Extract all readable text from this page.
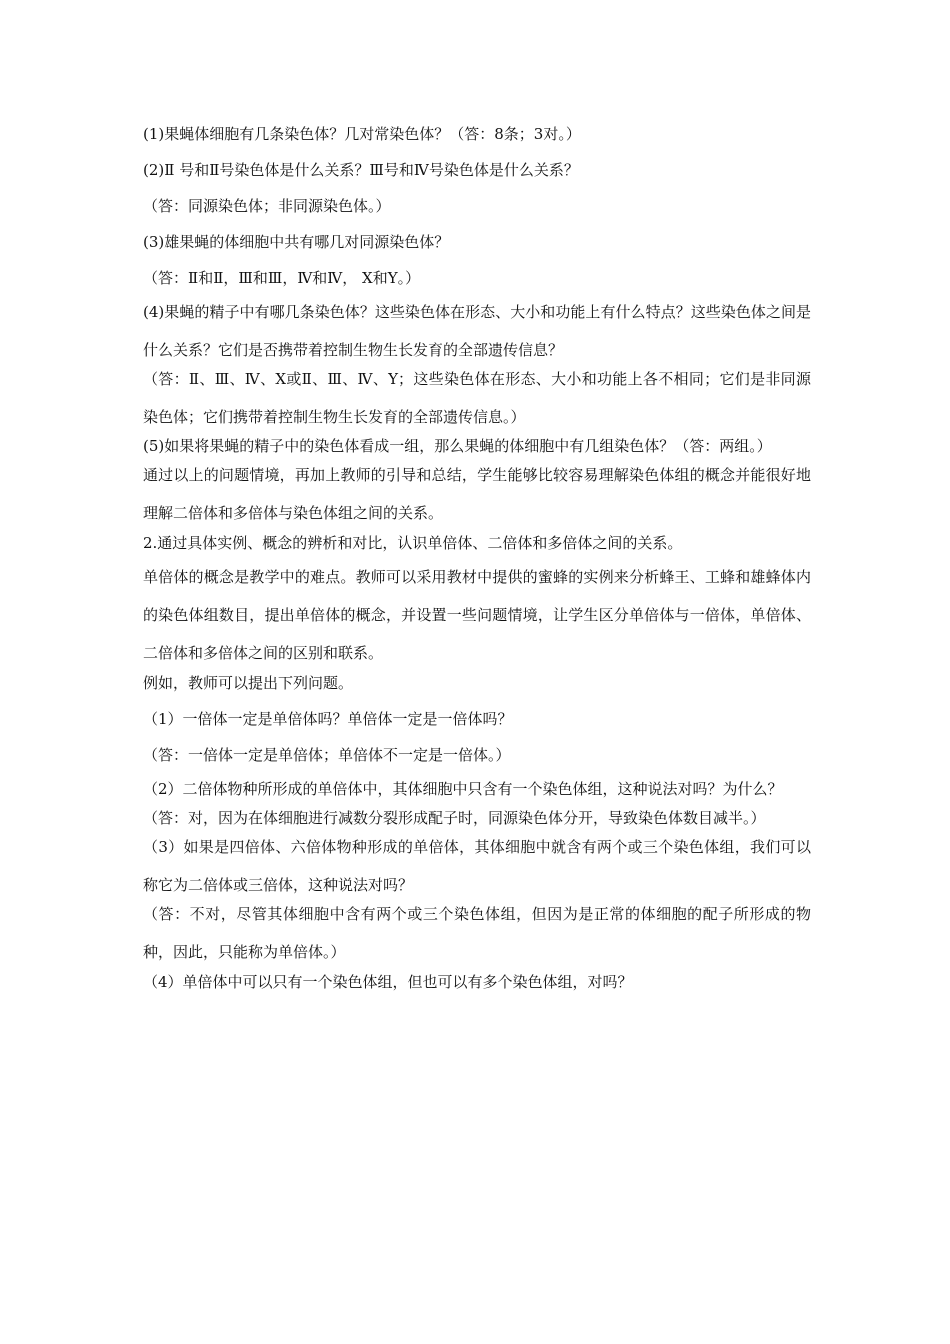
(1)果蝇体细胞有几条染色体？几对常染色体？（答：8条；3对。）

(2)Ⅱ 号和Ⅱ号染色体是什么关系？Ⅲ号和Ⅳ号染色体是什么关系？

（答：同源染色体；非同源染色体。）

(3)雄果蝇的体细胞中共有哪几对同源染色体？

（答：Ⅱ和Ⅱ，Ⅲ和Ⅲ，Ⅳ和Ⅳ， X和Y。）

(4)果蝇的精子中有哪几条染色体？这些染色体在形态、大小和功能上有什么特点？这些染色体之间是什么关系？它们是否携带着控制生物生长发育的全部遗传信息？

（答：Ⅱ、Ⅲ、Ⅳ、X或Ⅱ、Ⅲ、Ⅳ、Y；这些染色体在形态、大小和功能上各不相同；它们是非同源染色体；它们携带着控制生物生长发育的全部遗传信息。）

(5)如果将果蝇的精子中的染色体看成一组，那么果蝇的体细胞中有几组染色体？（答：两组。）

通过以上的问题情境，再加上教师的引导和总结，学生能够比较容易理解染色体组的概念并能很好地理解二倍体和多倍体与染色体组之间的关系。

2.通过具体实例、概念的辨析和对比，认识单倍体、二倍体和多倍体之间的关系。

单倍体的概念是教学中的难点。教师可以采用教材中提供的蜜蜂的实例来分析蜂王、工蜂和雄蜂体内的染色体组数目，提出单倍体的概念，并设置一些问题情境，让学生区分单倍体与一倍体，单倍体、二倍体和多倍体之间的区别和联系。

例如，教师可以提出下列问题。

（1）一倍体一定是单倍体吗？单倍体一定是一倍体吗？

（答：一倍体一定是单倍体；单倍体不一定是一倍体。）

（2）二倍体物种所形成的单倍体中，其体细胞中只含有一个染色体组，这种说法对吗？为什么？

（答：对，因为在体细胞进行减数分裂形成配子时，同源染色体分开，导致染色体数目减半。）

（3）如果是四倍体、六倍体物种形成的单倍体，其体细胞中就含有两个或三个染色体组，我们可以称它为二倍体或三倍体，这种说法对吗？

（答：不对，尽管其体细胞中含有两个或三个染色体组，但因为是正常的体细胞的配子所形成的物种，因此，只能称为单倍体。）

（4）单倍体中可以只有一个染色体组，但也可以有多个染色体组，对吗？
